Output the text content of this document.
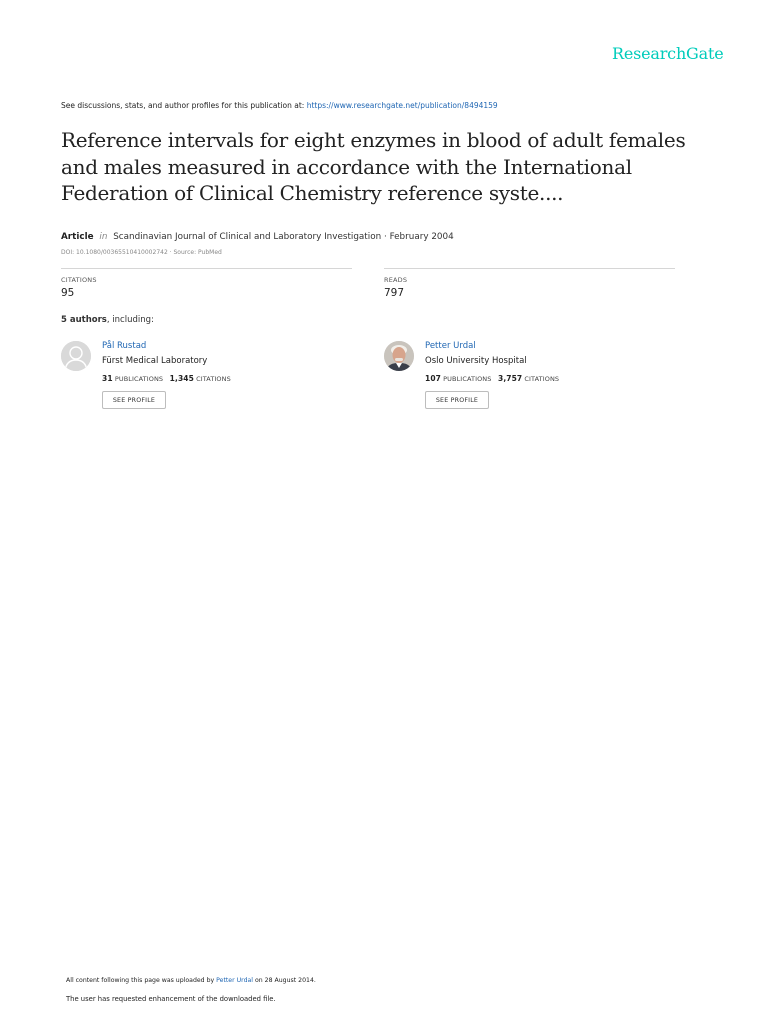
ResearchGate
See discussions, stats, and author profiles for this publication at: https://www.researchgate.net/publication/8494159
Reference intervals for eight enzymes in blood of adult females and males measured in accordance with the International Federation of Clinical Chemistry reference syste....
Article in Scandinavian Journal of Clinical and Laboratory Investigation · February 2004
DOI: 10.1080/00365510410002742 · Source: PubMed
CITATIONS
95
READS
797
5 authors, including:
Pål Rustad
Fürst Medical Laboratory
31 PUBLICATIONS 1,345 CITATIONS
SEE PROFILE
Petter Urdal
Oslo University Hospital
107 PUBLICATIONS 3,757 CITATIONS
SEE PROFILE
All content following this page was uploaded by Petter Urdal on 28 August 2014.
The user has requested enhancement of the downloaded file.
